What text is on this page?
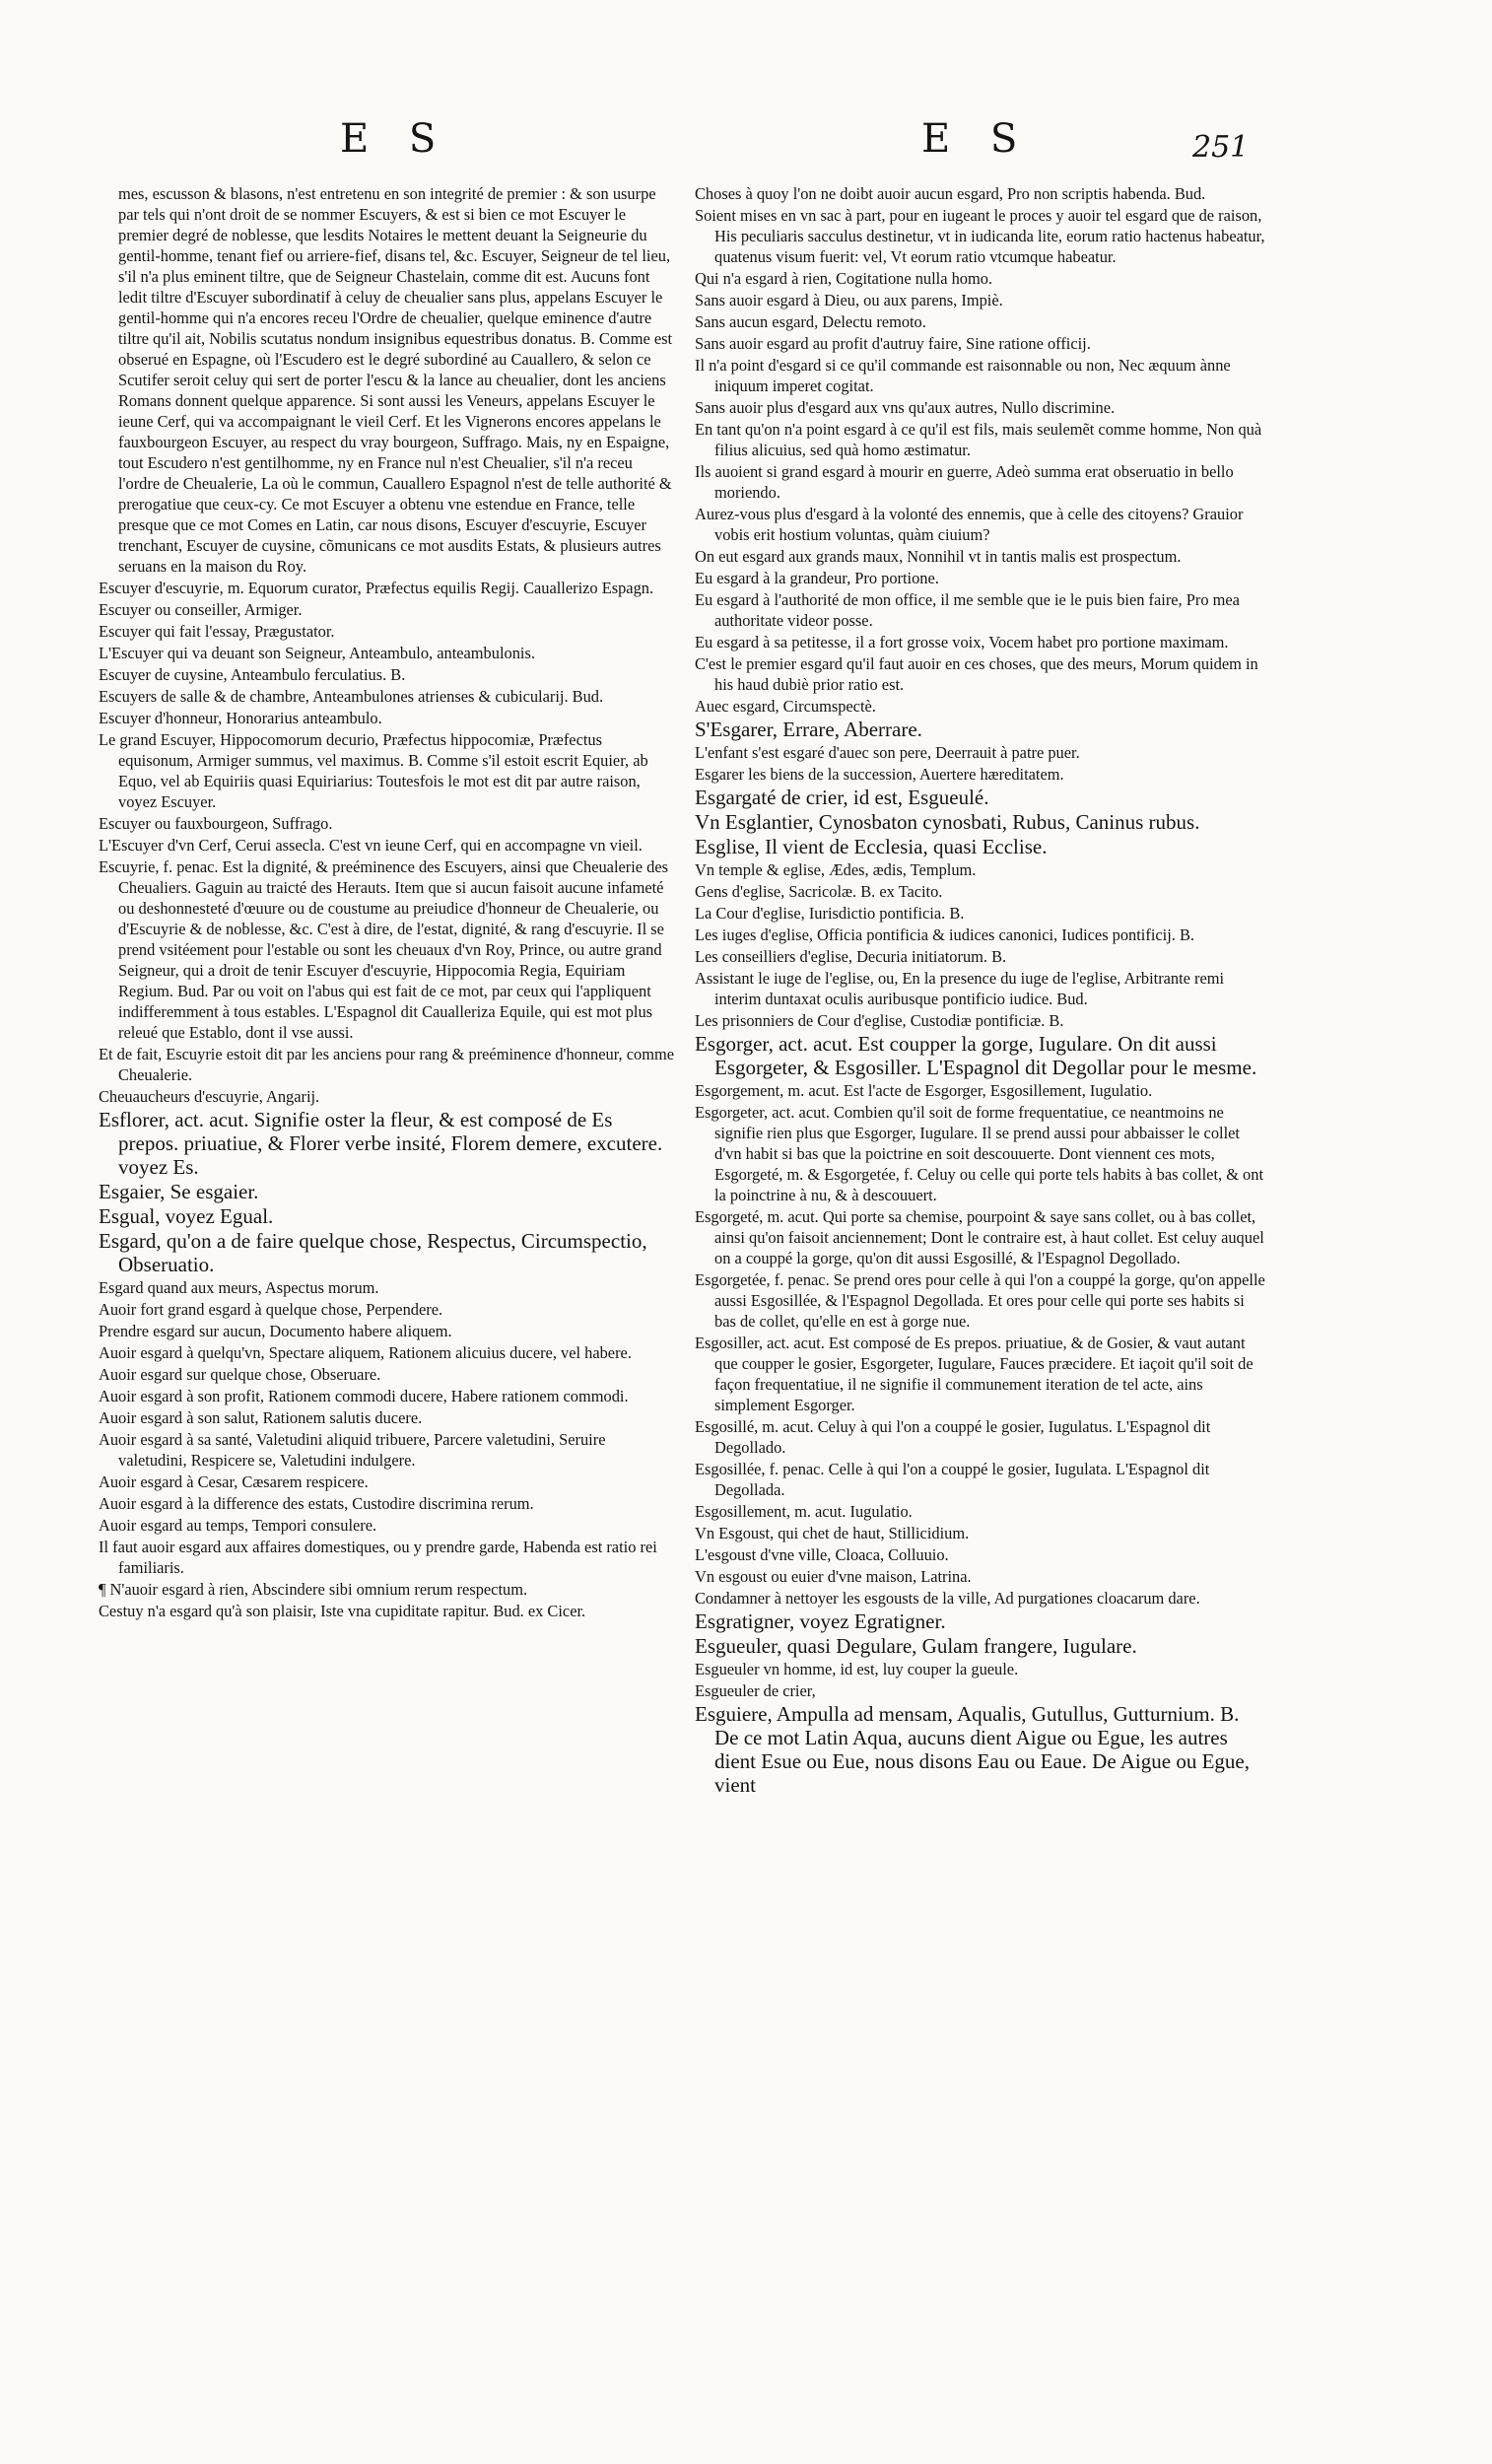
E S	E S	251

mes, escusson & blasons, n'est entretenu en son integrité de premier : & son usurpe par tels qui n'ont droit de se nommer Escuyers, & est si bien ce mot Escuyer le premier degré de noblesse, que lesdits Notaires le mettent deuant la Seigneurie du gentil-homme, tenant fief ou arriere-fief, disans tel, &c. Escuyer, Seigneur de tel lieu, s'il n'a plus eminent tiltre, que de Seigneur Chastelain, comme dit est. Aucuns font ledit tiltre d'Escuyer subordinatif à celuy de cheualier sans plus, appelans Escuyer le gentil-homme qui n'a encores receu l'Ordre de cheualier, quelque eminence d'autre tiltre qu'il ait, Nobilis scutatus nondum insignibus equestribus donatus. B. Comme est obserué en Espagne, où l'Escudero est le degré subordiné au Cauallero, & selon ce Scutifer seroit celuy qui sert de porter l'escu & la lance au cheualier, dont les anciens Romans donnent quelque apparence. Si sont aussi les Veneurs, appelans Escuyer le ieune Cerf, qui va accompaignant le vieil Cerf. Et les Vignerons encores appelans le fauxbourgeon Escuyer, au respect du vray bourgeon, Suffrago. Mais, ny en Espaigne, tout Escudero n'est gentilhomme, ny en France nul n'est Cheualier, s'il n'a receu l'ordre de Cheualerie, La où le commun, Cauallero Espagnol n'est de telle authorité & prerogatiue que ceux-cy. Ce mot Escuyer a obtenu vne estendue en France, telle presque que ce mot Comes en Latin, car nous disons, Escuyer d'escuyrie, Escuyer trenchant, Escuyer de cuysine, cõmunicans ce mot ausdits Estats, & plusieurs autres seruans en la maison du Roy.

Escuyer d'escuyrie, m. Equorum curator, Præfectus equilis Regij. Cauallerizo Espagn.

Escuyer ou conseiller, Armiger.

Escuyer qui fait l'essay, Prægustator.

L'Escuyer qui va deuant son Seigneur, Anteambulo, anteambulonis.

Escuyer de cuysine, Anteambulo ferculatius. B.

Escuyers de salle & de chambre, Anteambulones atrienses & cubicularij. Bud.

Escuyer d'honneur, Honorarius anteambulo.

Le grand Escuyer, Hippocomorum decurio, Præfectus hippocomiæ, Præfectus equisonum, Armiger summus, vel maximus. B. Comme s'il estoit escrit Equier, ab Equo, vel ab Equiriis quasi Equiriarius: Toutesfois le mot est dit par autre raison, voyez Escuyer.

Escuyer ou fauxbourgeon, Suffrago.

L'Escuyer d'vn Cerf, Cerui assecla. C'est vn ieune Cerf, qui en accompagne vn vieil.

Escuyrie, f. penac. Est la dignité, & preéminence des Escuyers, ainsi que Cheualerie des Cheualiers. Gaguin au traicté des Herauts. Item que si aucun faisoit aucune infameté ou deshonnesteté d'œuure ou de coustume au preiudice d'honneur de Cheualerie, ou d'Escuyrie & de noblesse, &c. C'est à dire, de l'estat, dignité, & rang d'escuyrie. Il se prend vsitéement pour l'estable ou sont les cheuaux d'vn Roy, Prince, ou autre grand Seigneur, qui a droit de tenir Escuyer d'escuyrie, Hippocomia Regia, Equiriam Regium. Bud. Par ou voit on l'abus qui est fait de ce mot, par ceux qui l'appliquent indifferemment à tous estables. L'Espagnol dit Caualleriza Equile, qui est mot plus releué que Establo, dont il vse aussi.

Et de fait, Escuyrie estoit dit par les anciens pour rang & preéminence d'honneur, comme Cheualerie.

Cheuaucheurs d'escuyrie, Angarij.

Esflorer, act. acut. Signifie oster la fleur, & est composé de Es prepos. priuatiue, & Florer verbe insité, Florem demere, excutere. voyez Es.

Esgaier, Se esgaier.

Esgual, voyez Egual.

Esgard, qu'on a de faire quelque chose, Respectus, Circumspectio, Obseruatio.

Esgard quand aux meurs, Aspectus morum.

Auoir fort grand esgard à quelque chose, Perpendere.

Prendre esgard sur aucun, Documento habere aliquem.

Auoir esgard à quelqu'vn, Spectare aliquem, Rationem alicuius ducere, vel habere.

Auoir esgard sur quelque chose, Obseruare.

Auoir esgard à son profit, Rationem commodi ducere, Habere rationem commodi.

Auoir esgard à son salut, Rationem salutis ducere.

Auoir esgard à sa santé, Valetudini aliquid tribuere, Parcere valetudini, Seruire valetudini, Respicere se, Valetudini indulgere.

Auoir esgard à Cesar, Cæsarem respicere.

Auoir esgard à la difference des estats, Custodire discrimina rerum.

Auoir esgard au temps, Tempori consulere.

Il faut auoir esgard aux affaires domestiques, ou y prendre garde, Habenda est ratio rei familiaris.

¶ N'auoir esgard à rien, Abscindere sibi omnium rerum respectum.

Cestuy n'a esgard qu'à son plaisir, Iste vna cupiditate rapitur. Bud. ex Cicer.

Choses à quoy l'on ne doibt auoir aucun esgard, Pro non scriptis habenda. Bud.

Soient mises en vn sac à part, pour en iugeant le proces y auoir tel esgard que de raison, His peculiaris sacculus destinetur, vt in iudicanda lite, eorum ratio hactenus habeatur, quatenus visum fuerit: vel, Vt eorum ratio vtcumque habeatur.

Qui n'a esgard à rien, Cogitatione nulla homo.

Sans auoir esgard à Dieu, ou aux parens, Impiè.

Sans aucun esgard, Delectu remoto.

Sans auoir esgard au profit d'autruy faire, Sine ratione officij.

Il n'a point d'esgard si ce qu'il commande est raisonnable ou non, Nec æquum ànne iniquum imperet cogitat.

Sans auoir plus d'esgard aux vns qu'aux autres, Nullo discrimine.

En tant qu'on n'a point esgard à ce qu'il est fils, mais seulemẽt comme homme, Non quà filius alicuius, sed quà homo æstimatur.

Ils auoient si grand esgard à mourir en guerre, Adeò summa erat obseruatio in bello moriendo.

Aurez-vous plus d'esgard à la volonté des ennemis, que à celle des citoyens? Grauior vobis erit hostium voluntas, quàm ciuium?

On eut esgard aux grands maux, Nonnihil vt in tantis malis est prospectum.

Eu esgard à la grandeur, Pro portione.

Eu esgard à l'authorité de mon office, il me semble que ie le puis bien faire, Pro mea authoritate videor posse.

Eu esgard à sa petitesse, il a fort grosse voix, Vocem habet pro portione maximam.

C'est le premier esgard qu'il faut auoir en ces choses, que des meurs, Morum quidem in his haud dubiè prior ratio est.

Auec esgard, Circumspectè.

S'Esgarer, Errare, Aberrare.

L'enfant s'est esgaré d'auec son pere, Deerrauit à patre puer.

Esgarer les biens de la succession, Auertere hæreditatem.

Esgargaté de crier, id est, Esgueulé.

Vn Esglantier, Cynosbaton cynosbati, Rubus, Caninus rubus.

Esglise, Il vient de Ecclesia, quasi Ecclise.

Vn temple & eglise, Ædes, ædis, Templum.

Gens d'eglise, Sacricolæ. B. ex Tacito.

La Cour d'eglise, Iurisdictio pontificia. B.

Les iuges d'eglise, Officia pontificia & iudices canonici, Iudices pontificij. B.

Les conseilliers d'eglise, Decuria initiatorum. B.

Assistant le iuge de l'eglise, ou, En la presence du iuge de l'eglise, Arbitrante remi interim duntaxat oculis auribusque pontificio iudice. Bud.

Les prisonniers de Cour d'eglise, Custodiæ pontificiæ. B.

Esgorger, act. acut. Est coupper la gorge, Iugulare. On dit aussi Esgorgeter, & Esgosiller. L'Espagnol dit Degollar pour le mesme.

Esgorgement, m. acut. Est l'acte de Esgorger, Esgosillement, Iugulatio.

Esgorgeter, act. acut. Combien qu'il soit de forme frequentatiue, ce neantmoins ne signifie rien plus que Esgorger, Iugulare. Il se prend aussi pour abbaisser le collet d'vn habit si bas que la poictrine en soit descouuerte. Dont viennent ces mots, Esgorgeté, m. & Esgorgetée, f. Celuy ou celle qui porte tels habits à bas collet, & ont la poinctrine à nu, & à descouuert.

Esgorgeté, m. acut. Qui porte sa chemise, pourpoint & saye sans collet, ou à bas collet, ainsi qu'on faisoit anciennement; Dont le contraire est, à haut collet. Est celuy auquel on a couppé la gorge, qu'on dit aussi Esgosillé, & l'Espagnol Degollado.

Esgorgetée, f. penac. Se prend ores pour celle à qui l'on a couppé la gorge, qu'on appelle aussi Esgosillée, & l'Espagnol Degollada. Et ores pour celle qui porte ses habits si bas de collet, qu'elle en est à gorge nue.

Esgosiller, act. acut. Est composé de Es prepos. priuatiue, & de Gosier, & vaut autant que coupper le gosier, Esgorgeter, Iugulare, Fauces præcidere. Et iaçoit qu'il soit de façon frequentatiue, il ne signifie il communement iteration de tel acte, ains simplement Esgorger.

Esgosillé, m. acut. Celuy à qui l'on a couppé le gosier, Iugulatus. L'Espagnol dit Degollado.

Esgosillée, f. penac. Celle à qui l'on a couppé le gosier, Iugulata. L'Espagnol dit Degollada.

Esgosillement, m. acut. Iugulatio.

Vn Esgoust, qui chet de haut, Stillicidium.

L'esgoust d'vne ville, Cloaca, Colluuio.

Vn esgoust ou euier d'vne maison, Latrina.

Condamner à nettoyer les esgousts de la ville, Ad purgationes cloacarum dare.

Esgratigner, voyez Egratigner.

Esgueuler, quasi Degulare, Gulam frangere, Iugulare.

Esgueuler vn homme, id est, luy couper la gueule.

Esgueuler de crier,

Esguiere, Ampulla ad mensam, Aqualis, Gutullus, Gutturnium. B. De ce mot Latin Aqua, aucuns dient Aigue ou Egue, les autres dient Esue ou Eue, nous disons Eau ou Eaue. De Aigue ou Egue, vient
